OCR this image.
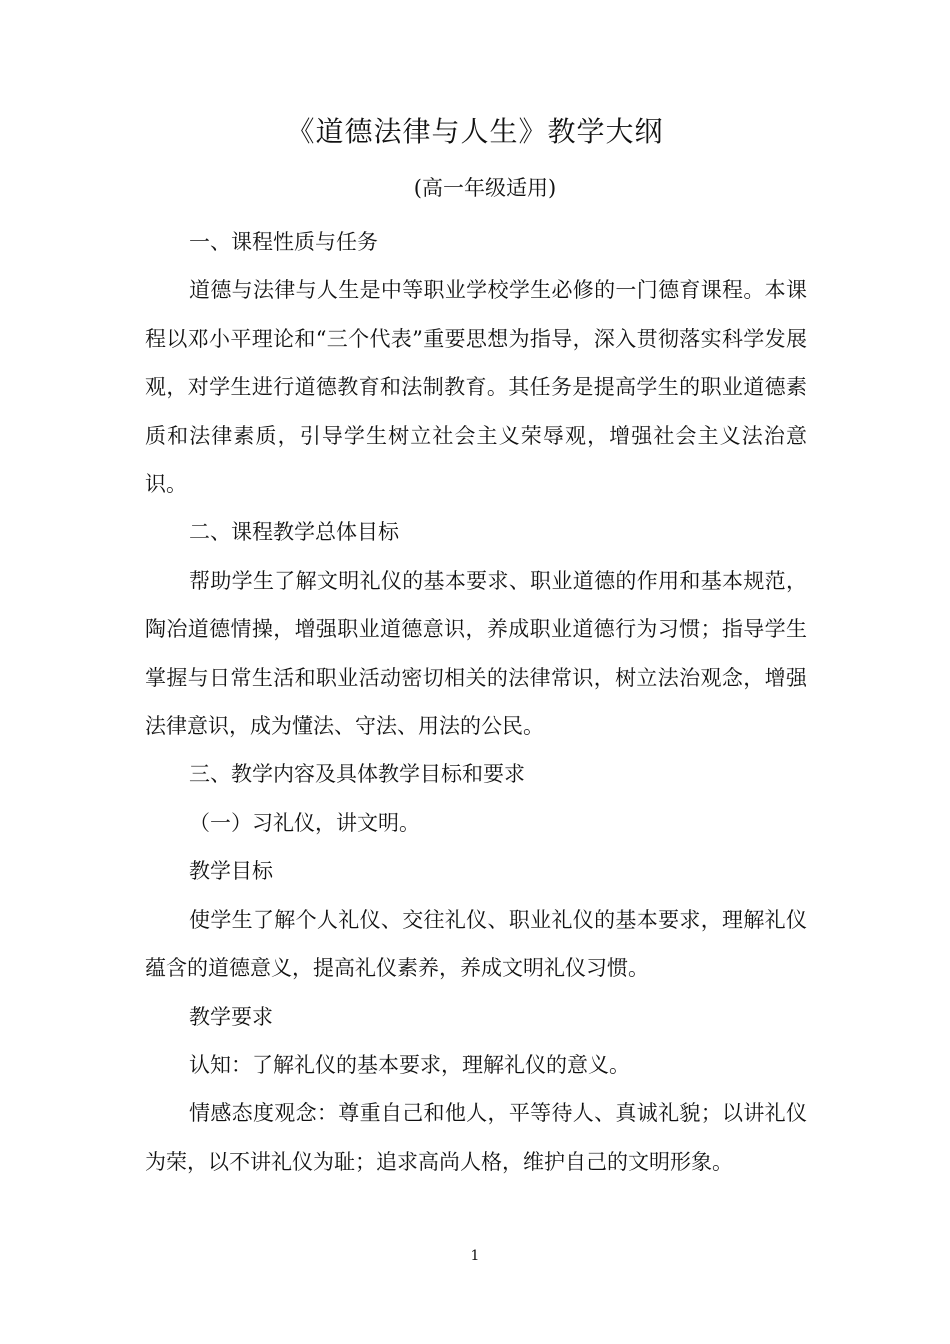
《道德法律与人生》教学大纲
(高一年级适用)

一、课程性质与任务

道德与法律与人生是中等职业学校学生必修的一门德育课程。本课程以邓小平理论和“三个代表”重要思想为指导，深入贯彻落实科学发展观，对学生进行道德教育和法制教育。其任务是提高学生的职业道德素质和法律素质，引导学生树立社会主义荣辱观，增强社会主义法治意识。

二、课程教学总体目标

帮助学生了解文明礼仪的基本要求、职业道德的作用和基本规范，陶冶道德情操，增强职业道德意识，养成职业道德行为习惯；指导学生掌握与日常生活和职业活动密切相关的法律常识，树立法治观念，增强法律意识，成为懂法、守法、用法的公民。

三、教学内容及具体教学目标和要求

（一）习礼仪，讲文明。

教学目标

使学生了解个人礼仪、交往礼仪、职业礼仪的基本要求，理解礼仪蕴含的道德意义，提高礼仪素养，养成文明礼仪习惯。

教学要求

认知：了解礼仪的基本要求，理解礼仪的意义。

情感态度观念：尊重自己和他人，平等待人、真诚礼貌；以讲礼仪为荣，以不讲礼仪为耻；追求高尚人格，维护自己的文明形象。

1
